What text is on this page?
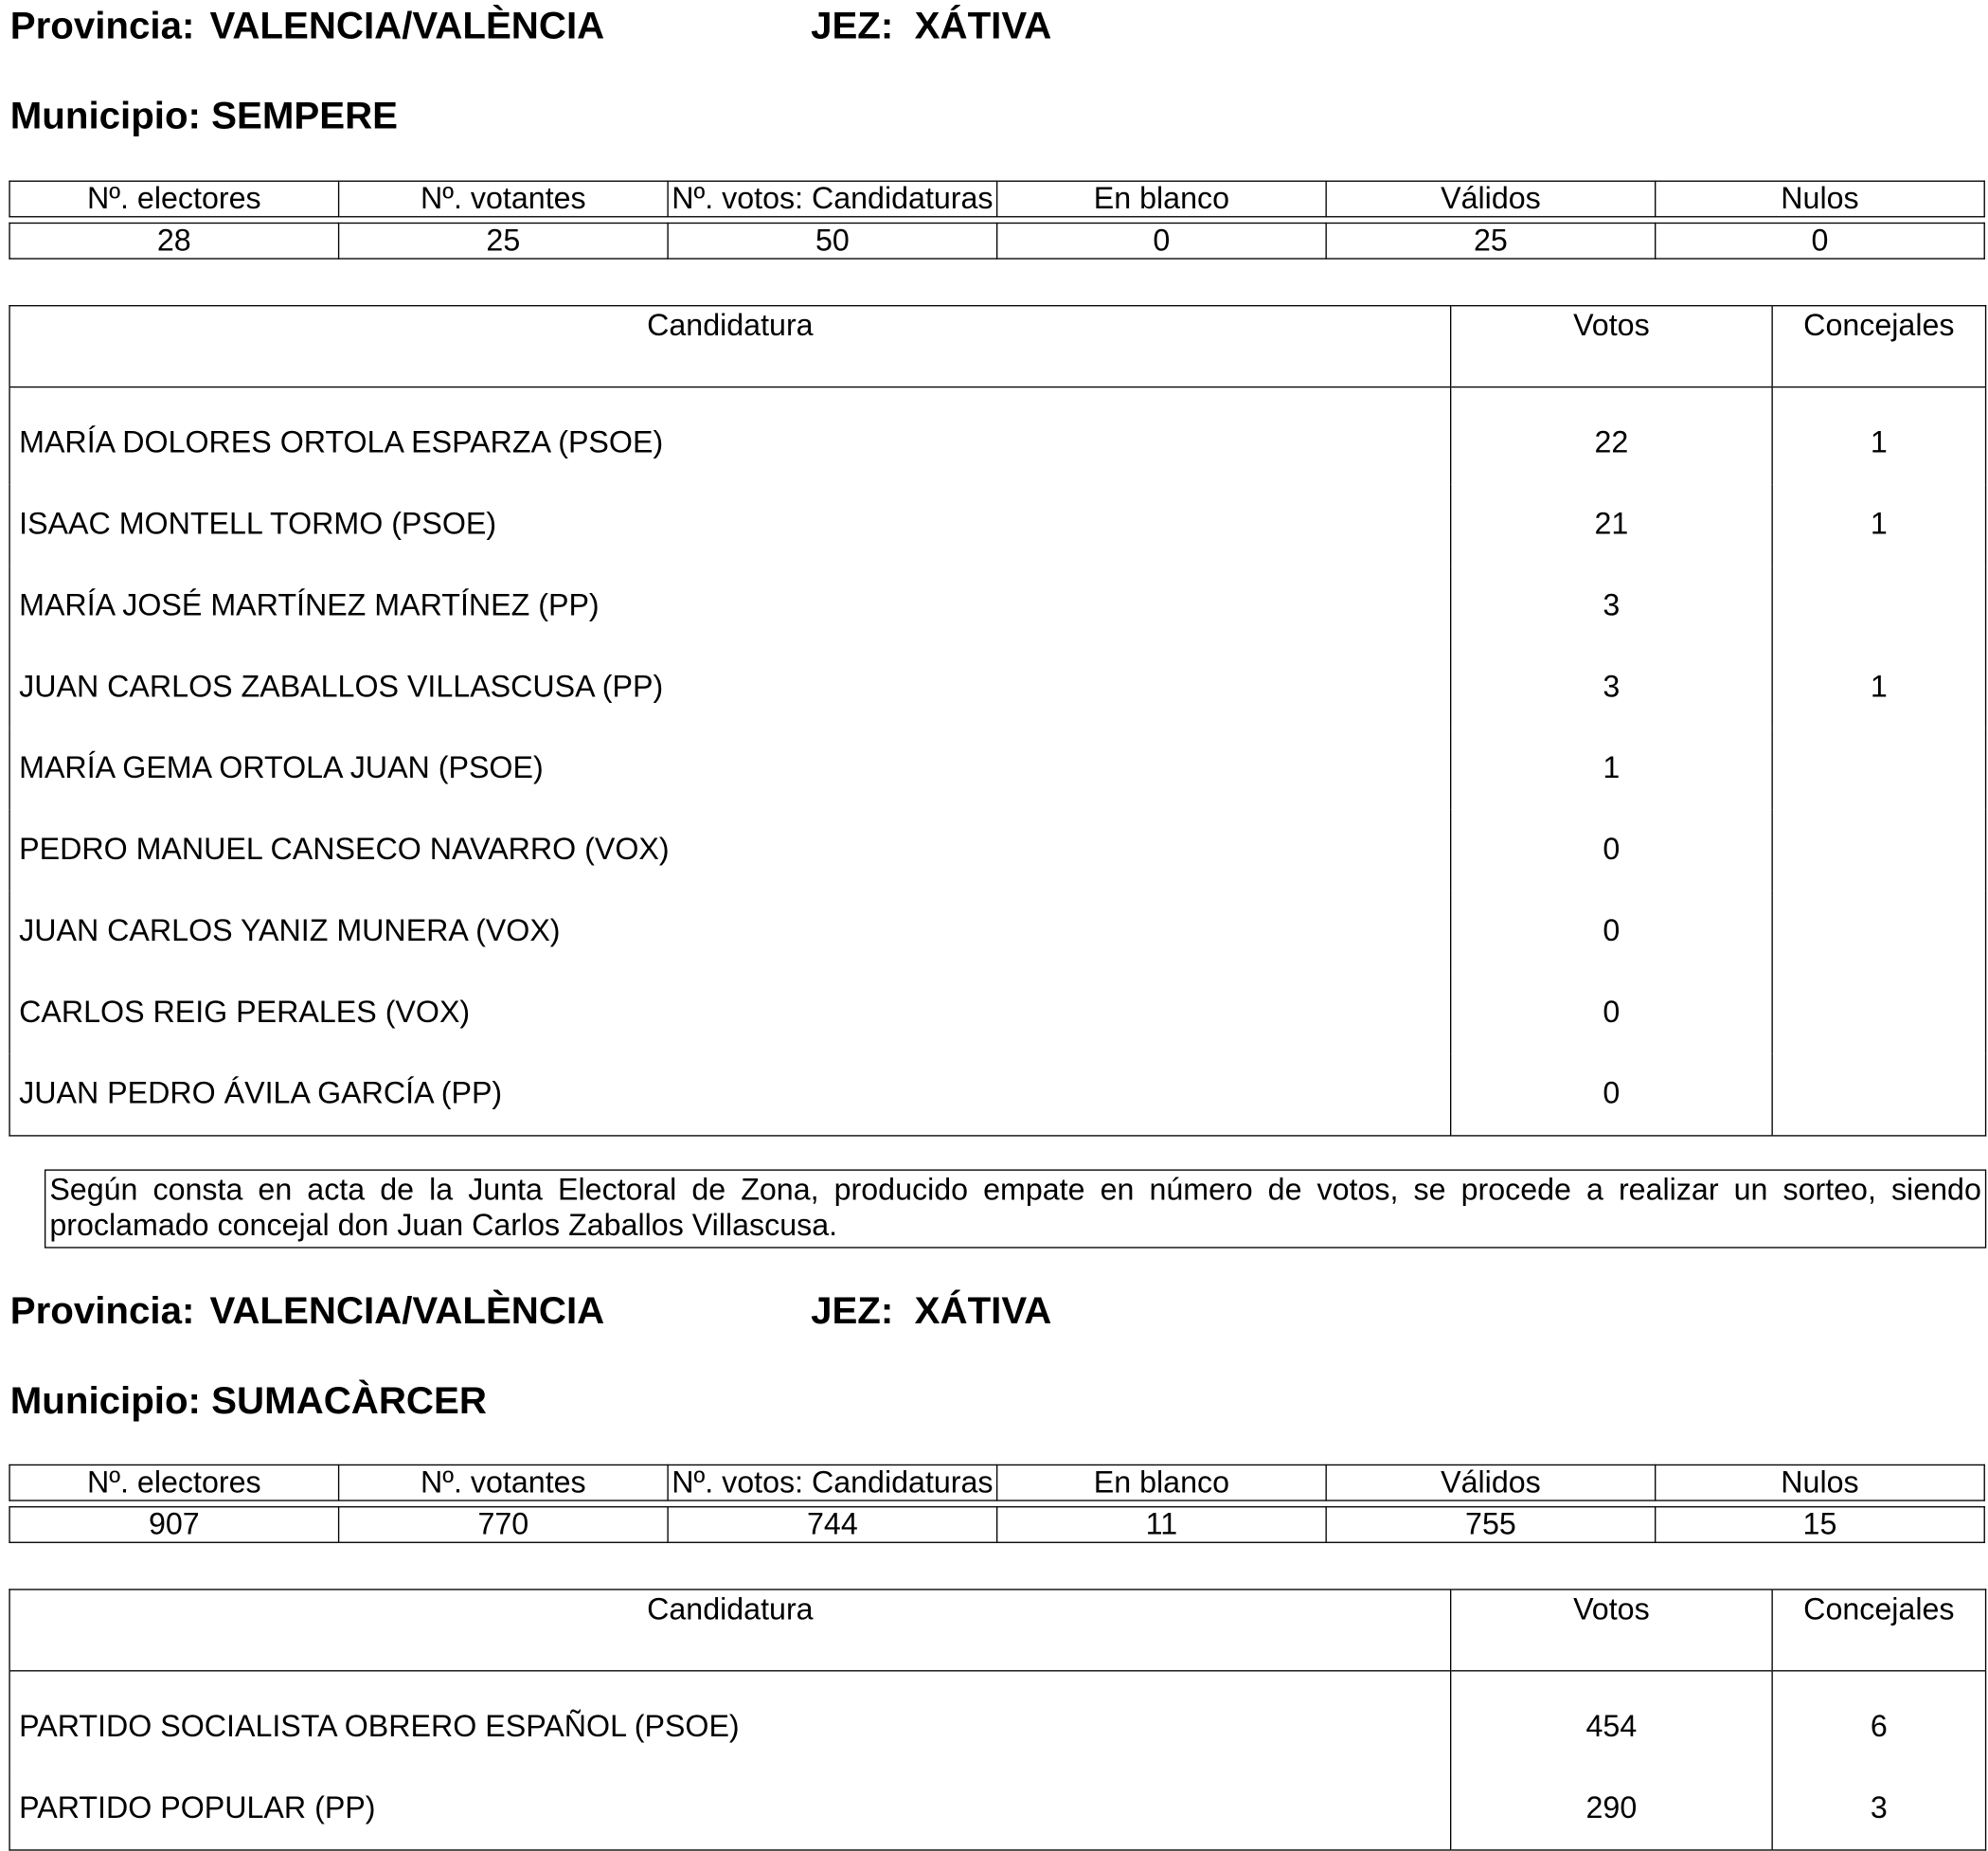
Provincia: VALENCIA/VALÈNCIA	JEZ: XÁTIVA
Municipio: SEMPERE
Nº. electores	Nº. votantes	Nº. votos: Candidaturas	En blanco	Válidos	Nulos

28	25	50	0	25	0
Candidatura	Votos	Concejales
MARÍA DOLORES ORTOLA ESPARZA (PSOE)	22	1
ISAAC MONTELL TORMO (PSOE)	21	1
MARÍA JOSÉ MARTÍNEZ MARTÍNEZ (PP)	3	
JUAN CARLOS ZABALLOS VILLASCUSA (PP)	3	1
MARÍA GEMA ORTOLA JUAN (PSOE)	1	
PEDRO MANUEL CANSECO NAVARRO (VOX)	0	
JUAN CARLOS YANIZ MUNERA (VOX)	0	
CARLOS REIG PERALES (VOX)	0	
JUAN PEDRO ÁVILA GARCÍA (PP)	0	
Según consta en acta de la Junta Electoral de Zona, producido empate en número de votos, se procede a realizar un sorteo, siendo proclamado concejal don Juan Carlos Zaballos Villascusa.
Provincia: VALENCIA/VALÈNCIA	JEZ: XÁTIVA
Municipio: SUMACÀRCER
Nº. electores	Nº. votantes	Nº. votos: Candidaturas	En blanco	Válidos	Nulos

907	770	744	11	755	15
Candidatura	Votos	Concejales
PARTIDO SOCIALISTA OBRERO ESPAÑOL (PSOE)	454	6
PARTIDO POPULAR (PP)	290	3
